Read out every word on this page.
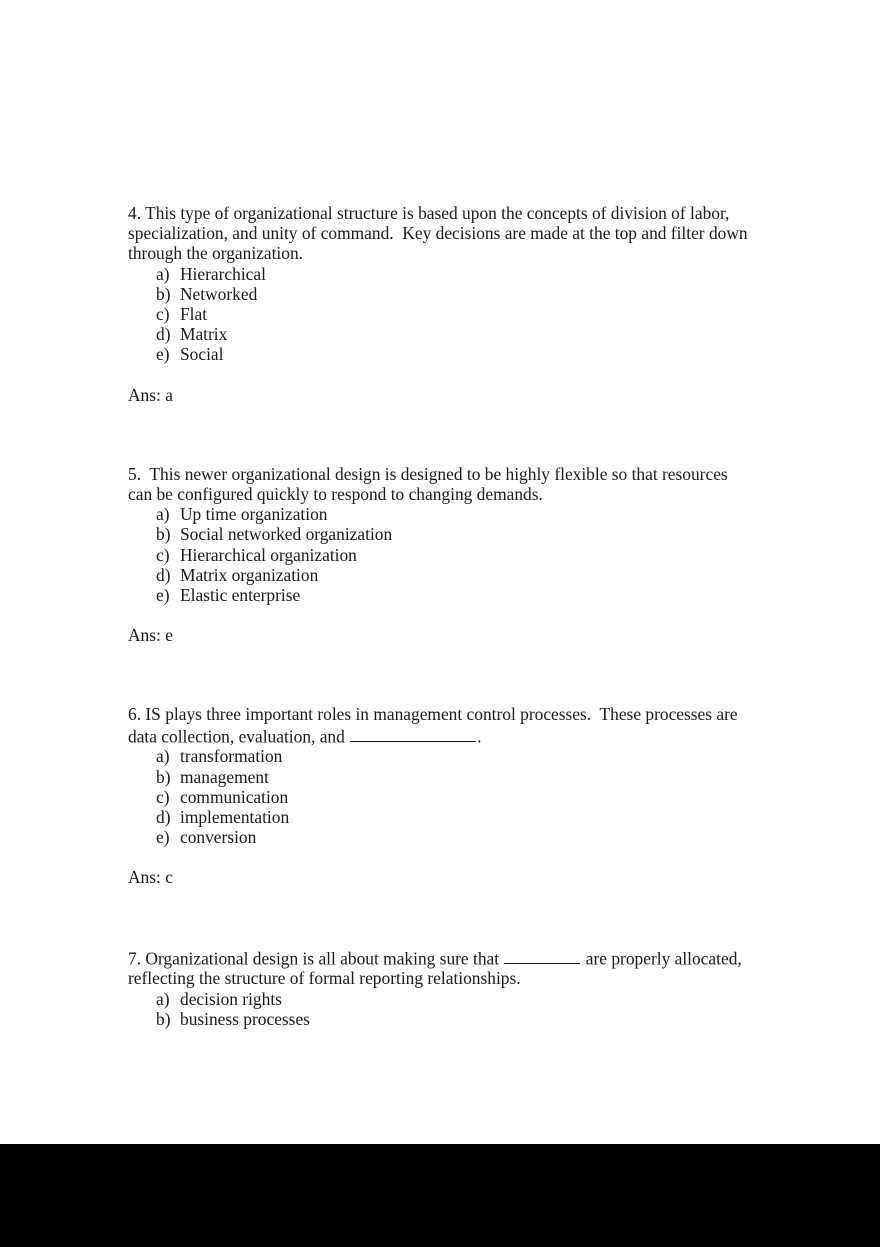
4. This type of organizational structure is based upon the concepts of division of labor, specialization, and unity of command.  Key decisions are made at the top and filter down through the organization.

a) Hierarchical
b) Networked
c) Flat
d) Matrix
e) Social

Ans: a

5.  This newer organizational design is designed to be highly flexible so that resources can be configured quickly to respond to changing demands.

a) Up time organization
b) Social networked organization
c) Hierarchical organization
d) Matrix organization
e) Elastic enterprise

Ans: e

6. IS plays three important roles in management control processes.  These processes are data collection, evaluation, and	.

a) transformation
b) management
c) communication
d) implementation
e) conversion

Ans: c

7. Organizational design is all about making sure that	are properly allocated, reflecting the structure of formal reporting relationships.

a) decision rights
b) business processes
